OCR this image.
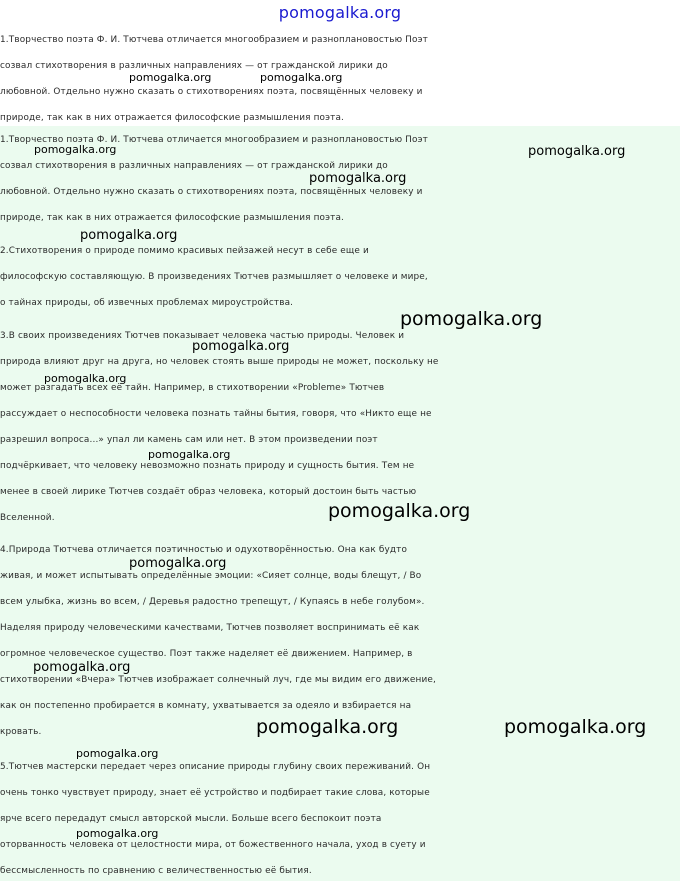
pomogalka.org
1.Творчество поэта Ф. И. Тютчева отличается многообразием и разноплановостью Поэт
созвал стихотворения в различных направлениях — от гражданской лирики до
любовной. Отдельно нужно сказать о стихотворениях поэта, посвящённых человеку и
природе, так как в них отражается философские размышления поэта.
1.Творчество поэта Ф. И. Тютчева отличается многообразием и разноплановостью Поэт
созвал стихотворения в различных направлениях — от гражданской лирики до
любовной. Отдельно нужно сказать о стихотворениях поэта, посвящённых человеку и
природе, так как в них отражается философские размышления поэта.
2.Стихотворения о природе помимо красивых пейзажей несут в себе еще и
философскую составляющую. В произведениях Тютчев размышляет о человеке и мире,
о тайнах природы, об извечных проблемах мироустройства.
3.В своих произведениях Тютчев показывает человека частью природы. Человек и
природа влияют друг на друга, но человек стоять выше природы не может, поскольку не
может разгадать всех её тайн. Например, в стихотворении «Probleme» Тютчев
рассуждает о неспособности человека познать тайны бытия, говоря, что «Никто еще не
разрешил вопроса...» упал ли камень сам или нет. В этом произведении поэт
подчёркивает, что человеку невозможно познать природу и сущность бытия. Тем не
менее в своей лирике Тютчев создаёт образ человека, который достоин быть частью
Вселенной.
4.Природа Тютчева отличается поэтичностью и одухотворённостью. Она как будто
живая, и может испытывать определённые эмоции: «Сияет солнце, воды блещут, / Во
всем улыбка, жизнь во всем, / Деревья радостно трепещут, / Купаясь в небе голубом».
Наделяя природу человеческими качествами, Тютчев позволяет воспринимать её как
огромное человеческое существо. Поэт также наделяет её движением. Например, в
стихотворении «Вчера» Тютчев изображает солнечный луч, где мы видим его движение,
как он постепенно пробирается в комнату, ухватывается за одеяло и взбирается на
кровать.
5.Тютчев мастерски передает через описание природы глубину своих переживаний. Он
очень тонко чувствует природу, знает её устройство и подбирает такие слова, которые
ярче всего передадут смысл авторской мысли. Больше всего беспокоит поэта
оторванность человека от целостности мира, от божественного начала, уход в суету и
бессмысленность по сравнению с величественностью её бытия.
pomogalka.org	pomogalka.org
pomogalka.org	pomogalka.org
pomogalka.org
pomogalka.org
pomogalka.org
pomogalka.org
pomogalka.org
pomogalka.org
pomogalka.org
pomogalka.org
pomogalka.org
pomogalka.org	pomogalka.org
pomogalka.org
pomogalka.org
